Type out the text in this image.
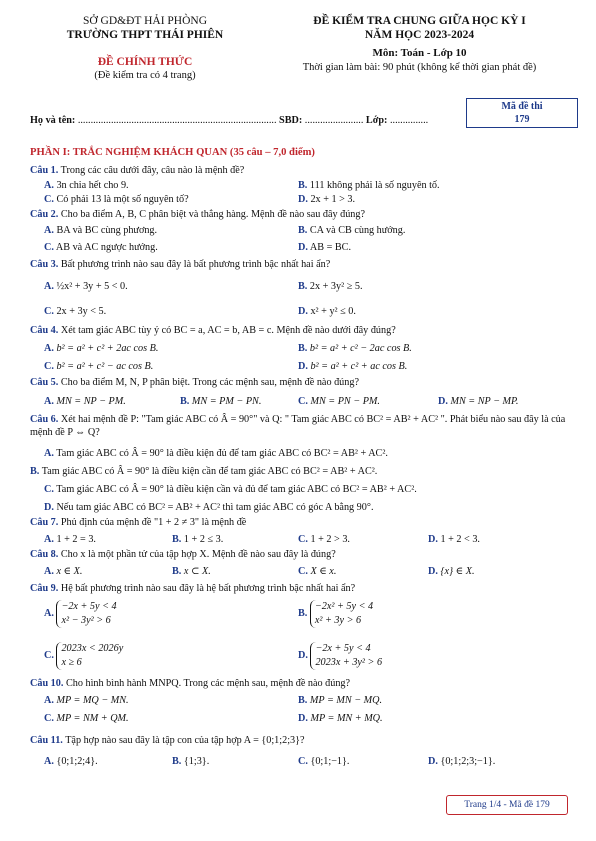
SỞ GD&ĐT HẢI PHÒNG
TRƯỜNG THPT THÁI PHIÊN
ĐỀ CHÍNH THỨC
(Đề kiểm tra có 4 trang)
ĐỀ KIỂM TRA CHUNG GIỮA HỌC KỲ I
NĂM HỌC 2023-2024
Môn: Toán - Lớp 10
Thời gian làm bài: 90 phút (không kể thời gian phát đề)
Mã đề thi
179
Họ và tên: .............................................................................. SBD: ....................... Lớp: ...............
PHẦN I: TRẮC NGHIỆM KHÁCH QUAN (35 câu – 7,0 điểm)
Câu 1. Trong các câu dưới đây, câu nào là mệnh đề?
A. 3n chia hết cho 9.	B. 111 không phải là số nguyên tố.
C. Có phải 13 là một số nguyên tố?	D. 2x + 1 > 3.
Câu 2. Cho ba điểm A, B, C phân biệt và thẳng hàng. Mệnh đề nào sau đây đúng?
A. BA và BC cùng phương.	B. CA và CB cùng hướng.
C. AB và AC ngược hướng.	D. AB = BC.
Câu 3. Bất phương trình nào sau đây là bất phương trình bậc nhất hai ẩn?
A. ½x² + 3y + 5 < 0.	B. 2x + 3y² ≥ 5.
C. 2x + 3y < 5.	D. x² + y² ≤ 0.
Câu 4. Xét tam giác ABC tùy ý có BC = a, AC = b, AB = c. Mệnh đề nào dưới đây đúng?
A. b² = a² + c² + 2ac cos B.	B. b² = a² + c² − 2ac cos B.
C. b² = a² + c² − ac cos B.	D. b² = a² + c² + ac cos B.
Câu 5. Cho ba điểm M, N, P phân biệt. Trong các mệnh sau, mệnh đề nào đúng?
A. MN = NP − PM.	B. MN = PM − PN.	C. MN = PN − PM.	D. MN = NP − MP.
Câu 6. Xét hai mệnh đề P: "Tam giác ABC có Â = 90°" và Q: " Tam giác ABC có BC² = AB² + AC² ". Phát biểu nào sau đây là của mệnh đề P ⇔ Q?
A. Tam giác ABC có Â = 90° là điều kiện đủ để tam giác ABC có BC² = AB² + AC².
B. Tam giác ABC có Â = 90° là điều kiện cần để tam giác ABC có BC² = AB² + AC².
C. Tam giác ABC có Â = 90° là điều kiện cần và đủ để tam giác ABC có BC² = AB² + AC².
D. Nếu tam giác ABC có BC² = AB² + AC² thì tam giác ABC có góc A bằng 90°.
Câu 7. Phủ định của mệnh đề "1 + 2 ≠ 3" là mệnh đề
A. 1 + 2 = 3.	B. 1 + 2 ≤ 3.	C. 1 + 2 > 3.	D. 1 + 2 < 3.
Câu 8. Cho x là một phần tử của tập hợp X. Mệnh đề nào sau đây là đúng?
A. x ∈ X.	B. x ⊂ X.	C. X ∈ x.	D. {x} ∈ X.
Câu 9. Hệ bất phương trình nào sau đây là hệ bất phương trình bậc nhất hai ẩn?
A. −2x + 5y < 4
x² − 3y² > 6
B. −2x² + 5y < 4
x² + 3y > 6
C. 2023x < 2026y
x ≥ 6
D. −2x + 5y < 4
2023x + 3y² > 6
Câu 10. Cho hình bình hành MNPQ. Trong các mệnh sau, mệnh đề nào đúng?
A. MP = MQ − MN.	B. MP = MN − MQ.
C. MP = NM + QM.	D. MP = MN + MQ.
Câu 11. Tập hợp nào sau đây là tập con của tập hợp A = {0;1;2;3}?
A. {0;1;2;4}.	B. {1;3}.	C. {0;1;−1}.	D. {0;1;2;3;−1}.
Trang 1/4 - Mã đề 179
